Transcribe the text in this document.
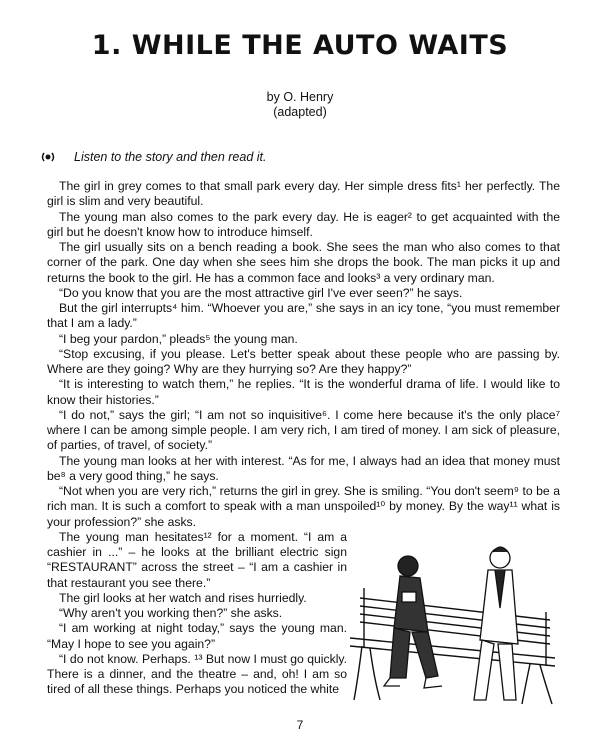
1. WHILE THE AUTO WAITS
by O. Henry
(adapted)
Listen to the story and then read it.

The girl in grey comes to that small park every day. Her simple dress fits¹ her perfectly. The girl is slim and very beautiful.

The young man also comes to the park every day. He is eager² to get acquainted with the girl but he doesn't know how to introduce himself.

The girl usually sits on a bench reading a book. She sees the man who also comes to that corner of the park. One day when she sees him she drops the book. The man picks it up and returns the book to the girl. He has a common face and looks³ a very ordinary man.

“Do you know that you are the most attractive girl I've ever seen?” he says.

But the girl interrupts⁴ him. “Whoever you are,” she says in an icy tone, “you must remember that I am a lady.”

“I beg your pardon,” pleads⁵ the young man.

“Stop excusing, if you please. Let's better speak about these people who are passing by. Where are they going? Why are they hurrying so? Are they happy?”

“It is interesting to watch them,” he replies. “It is the wonderful drama of life. I would like to know their histories.”

“I do not,” says the girl; “I am not so inquisitive⁶. I come here because it's the only place⁷ where I can be among simple people. I am very rich, I am tired of money. I am sick of pleasure, of parties, of travel, of society.”

The young man looks at her with interest. “As for me, I always had an idea that money must be⁸ a very good thing,” he says.

“Not when you are very rich,” returns the girl in grey. She is smiling. “You don't seem⁹ to be a rich man. It is such a comfort to speak with a man unspoiled¹⁰ by money. By the way¹¹ what is your profession?” she asks.

The young man hesitates¹² for a moment. “I am a cashier in ...” – he looks at the brilliant electric sign “RESTAURANT” across the street – “I am a cashier in that restaurant you see there.”

The girl looks at her watch and rises hurriedly.

“Why aren't you working then?” she asks.

“I am working at night today,” says the young man. “May I hope to see you again?”

“I do not know. Perhaps. ¹³ But now I must go quickly. There is a dinner, and the theatre – and, oh! I am so tired of all these things. Perhaps you noticed the white

7
